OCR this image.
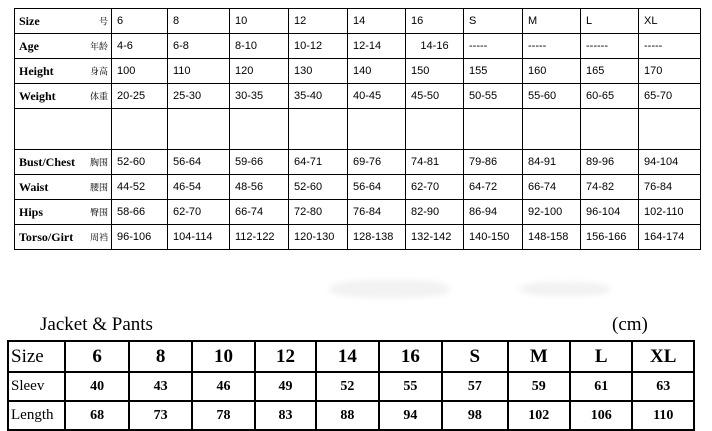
Size 号	6	8	10	12	14	16	S	M	L	XL
Age 年龄	4-6	6-8	8-10	10-12	12-14	14-16	-----	-----	------	-----
Height 身高	100	110	120	130	140	150	155	160	165	170
Weight 体重	20-25	25-30	30-35	35-40	40-45	45-50	50-55	55-60	60-65	65-70

Bust/Chest 胸围	52-60	56-64	59-66	64-71	69-76	74-81	79-86	84-91	89-96	94-104
Waist 腰围	44-52	46-54	48-56	52-60	56-64	62-70	64-72	66-74	74-82	76-84
Hips 臀围	58-66	62-70	66-74	72-80	76-84	82-90	86-94	92-100	96-104	102-110
Torso/Girt 周裆	96-106	104-114	112-122	120-130	128-138	132-142	140-150	148-158	156-166	164-174
Jacket & Pants	(cm)
Size	6	8	10	12	14	16	S	M	L	XL
Sleev	40	43	46	49	52	55	57	59	61	63
Length	68	73	78	83	88	94	98	102	106	110
